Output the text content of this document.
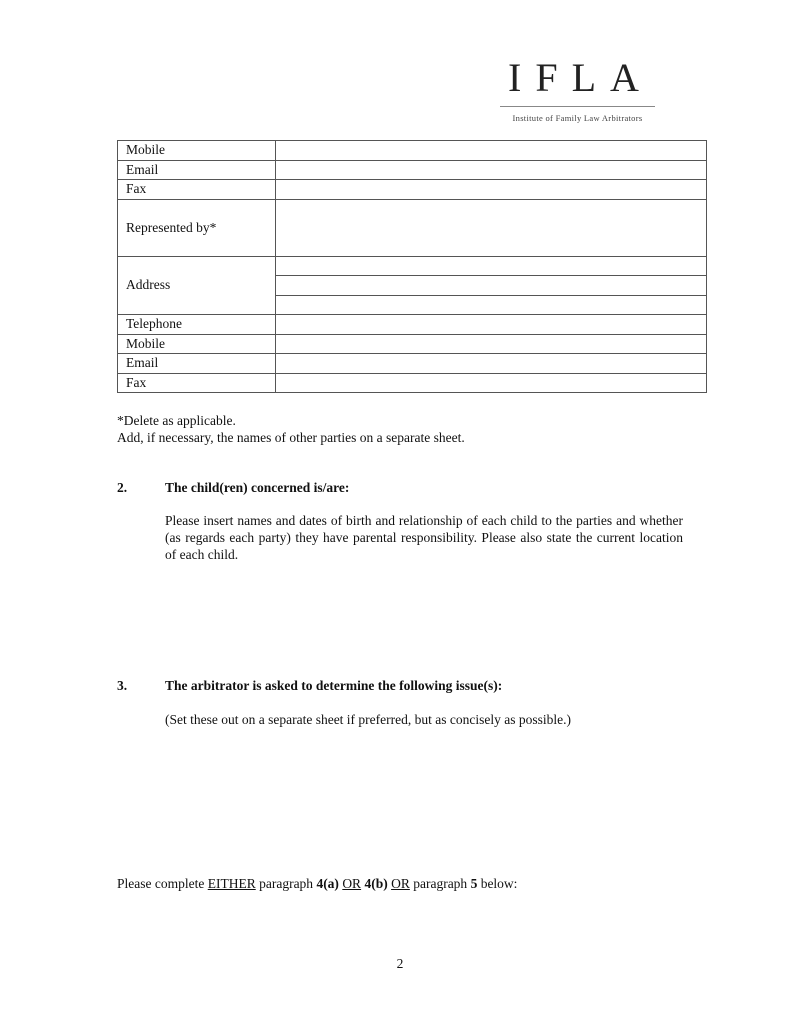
IFLA
Institute of Family Law Arbitrators
Mobile	
Email	
Fax	
Represented by*	
Address	

Telephone	
Mobile	
Email	
Fax	
*Delete as applicable.
Add, if necessary, the names of other parties on a separate sheet.
2.	The child(ren) concerned is/are:
Please insert names and dates of birth and relationship of each child to the parties and whether (as regards each party) they have parental responsibility. Please also state the current location of each child.
3.	The arbitrator is asked to determine the following issue(s):
(Set these out on a separate sheet if preferred, but as concisely as possible.)
Please complete EITHER paragraph 4(a) OR 4(b) OR paragraph 5 below:
2
